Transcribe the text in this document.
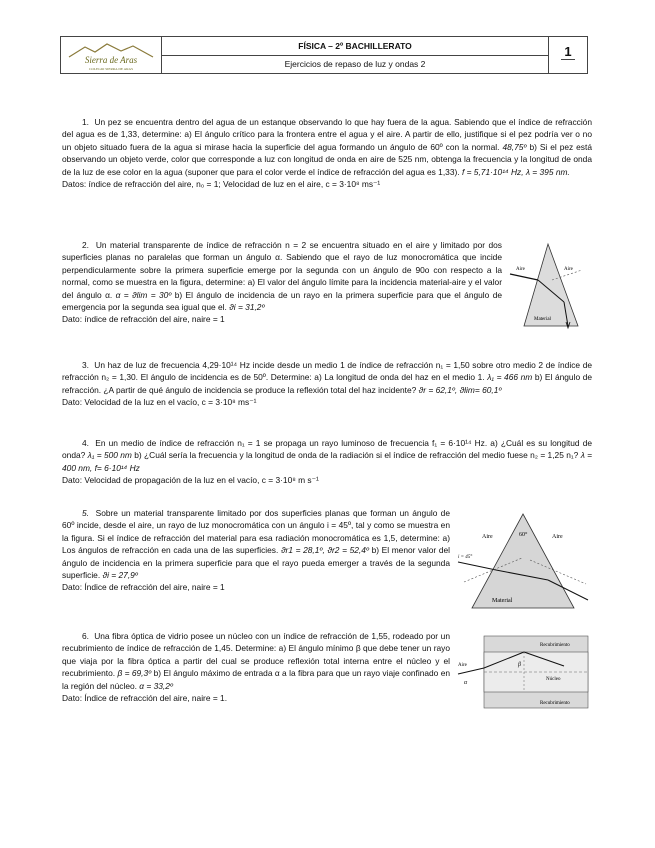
Sierra de Aras
COLEGIO SIERRA DE ARAS
FÍSICA – 2º BACHILLERATO
Ejercicios de repaso de luz y ondas 2
1

1. Un pez se encuentra dentro del agua de un estanque observando lo que hay fuera de la agua. Sabiendo que el índice de refracción del agua es de 1,33, determine: a) El ángulo crítico para la frontera entre el agua y el aire. A partir de ello, justifique si el pez podría ver o no un objeto situado fuera de la agua si mirase hacia la superficie del agua formando un ángulo de 60º con la normal. 48,75º b) Si el pez está observando un objeto verde, color que corresponde a luz con longitud de onda en aire de 525 nm, obtenga la frecuencia y la longitud de onda de la luz de ese color en la agua (suponer que para el color verde el índice de refracción del agua es 1,33). f = 5,71·10¹⁴ Hz, λ = 395 nm.

Datos: índice de refracción del aire, n₀ = 1; Velocidad de luz en el aire, c = 3·10⁸ ms⁻¹

2. Un material transparente de índice de refracción n = 2 se encuentra situado en el aire y limitado por dos superficies planas no paralelas que forman un ángulo α. Sabiendo que el rayo de luz monocromática que incide perpendicularmente sobre la primera superficie emerge por la segunda con un ángulo de 90o con respecto a la normal, como se muestra en la figura, determine: a) El valor del ángulo límite para la incidencia material-aire y el valor del ángulo α. α = ϑlim = 30º b) El ángulo de incidencia de un rayo en la primera superficie para que el ángulo de emergencia por la segunda sea igual que el. ϑi = 31,2º

Dato: índice de refracción del aire, naire = 1

Aire	Aire
Material

3. Un haz de luz de frecuencia 4,29·10¹⁴ Hz incide desde un medio 1 de índice de refracción n₁ = 1,50 sobre otro medio 2 de índice de refracción n₂ = 1,30. El ángulo de incidencia es de 50º. Determine: a) La longitud de onda del haz en el medio 1. λ₁ = 466 nm b) El ángulo de refracción. ¿A partir de qué ángulo de incidencia se produce la reflexión total del haz incidente? ϑr = 62,1º, ϑlim= 60,1º

Dato: Velocidad de la luz en el vacío, c = 3·10⁸ ms⁻¹

4. En un medio de índice de refracción n₁ = 1 se propaga un rayo luminoso de frecuencia f₁ = 6·10¹⁴ Hz. a) ¿Cuál es su longitud de onda? λ₁ = 500 nm b) ¿Cuál sería la frecuencia y la longitud de onda de la radiación si el índice de refracción del medio fuese n₂ = 1,25 n₁? λ = 400 nm, f= 6·10¹⁴ Hz

Dato: Velocidad de propagación de la luz en el vacío, c = 3·10⁸ m s⁻¹

5. Sobre un material transparente limitado por dos superficies planas que forman un ángulo de 60º incide, desde el aire, un rayo de luz monocromática con un ángulo i = 45º, tal y como se muestra en la figura. Si el índice de refracción del material para esa radiación monocromática es 1,5, determine: a) Los ángulos de refracción en cada una de las superficies. ϑr1 = 28,1º, ϑr2 = 52,4º b) El menor valor del ángulo de incidencia en la primera superficie para que el rayo pueda emerger a través de la segunda superficie. ϑi = 27,9º

Dato: Índice de refracción del aire, naire = 1

Aire	Aire
60°
i = 45°
Material

6. Una fibra óptica de vidrio posee un núcleo con un índice de refracción de 1,55, rodeado por un recubrimiento de índice de refracción de 1,45. Determine: a) El ángulo mínimo β que debe tener un rayo que viaja por la fibra óptica a partir del cual se produce reflexión total interna entre el núcleo y el recubrimiento. β = 69,3º b) El ángulo máximo de entrada α a la fibra para que un rayo viaje confinado en la región del núcleo. α = 33,2º

Dato: Índice de refracción del aire, naire = 1.

Recubrimiento
Recubrimiento
Núcleo
Aire
α
β
